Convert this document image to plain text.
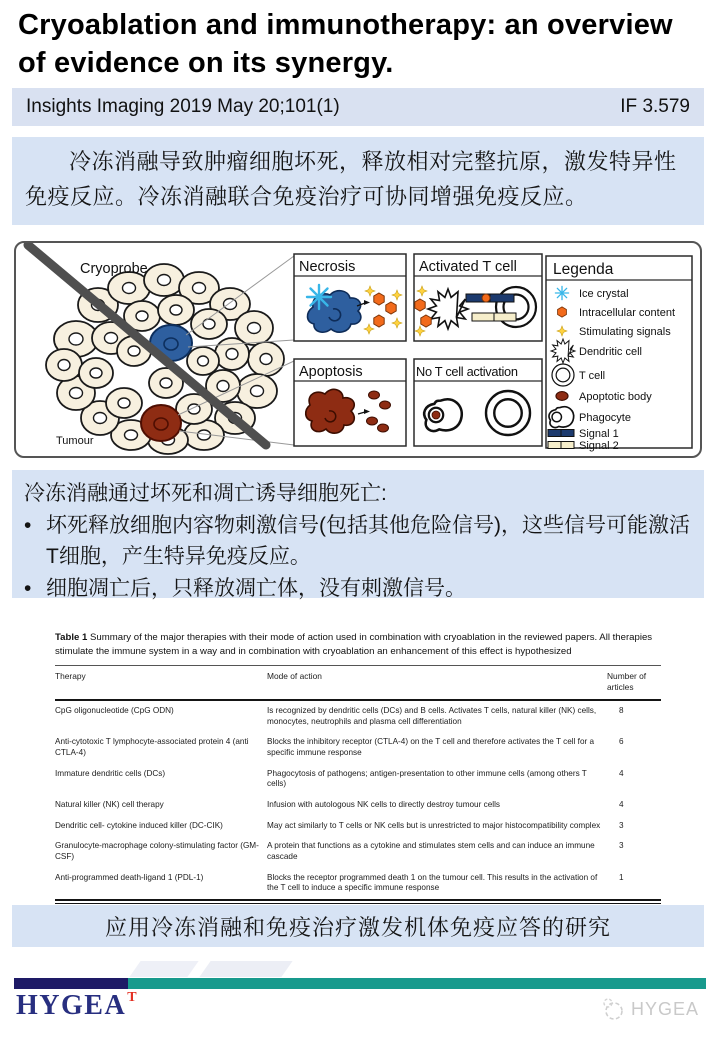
Cryoablation and immunotherapy: an overview of evidence on its synergy.
Insights Imaging 2019 May 20;101(1)	IF 3.579

冷冻消融导致肿瘤细胞坏死，释放相对完整抗原，激发特异性免疫反应。冷冻消融联合免疫治疗可协同增强免疫反应。

Cryoprobe
Tumour
Necrosis	Activated T cell
Apoptosis	No T cell activation
Legenda
Ice crystal
Intracellular content
Stimulating signals
Dendritic cell
T cell
Apoptotic body
Phagocyte
Signal 1
Signal 2

冷冻消融通过坏死和凋亡诱导细胞死亡:

• 坏死释放细胞内容物刺激信号(包括其他危险信号)，这些信号可能激活T细胞，产生特异免疫反应。
• 细胞凋亡后，只释放凋亡体，没有刺激信号。
Table 1 Summary of the major therapies with their mode of action used in combination with cryoablation in the reviewed papers. All therapies stimulate the immune system in a way and in combination with cryoablation an enhancement of this effect is hypothesized
Therapy	Mode of action	Number of articles
CpG oligonucleotide (CpG ODN)	Is recognized by dendritic cells (DCs) and B cells. Activates T cells, natural killer (NK) cells, monocytes, neutrophils and plasma cell differentiation	8
Anti-cytotoxic T lymphocyte-associated protein 4 (anti CTLA-4)	Blocks the inhibitory receptor (CTLA-4) on the T cell and therefore activates the T cell for a specific immune response	6
Immature dendritic cells (DCs)	Phagocytosis of pathogens; antigen-presentation to other immune cells (among others T cells)	4
Natural killer (NK) cell therapy	Infusion with autologous NK cells to directly destroy tumour cells	4
Dendritic cell- cytokine induced killer (DC-CIK)	May act similarly to T cells or NK cells but is unrestricted to major histocompatibility complex	3
Granulocyte-macrophage colony-stimulating factor (GM-CSF)	A protein that functions as a cytokine and stimulates stem cells and can induce an immune cascade	3
Anti-programmed death-ligand 1 (PDL-1)	Blocks the receptor programmed death 1 on the tumour cell. This results in the activation of the T cell to induce a specific immune response	1
应用冷冻消融和免疫治疗激发机体免疫应答的研究
$HYGEA^T$
HYGEA
